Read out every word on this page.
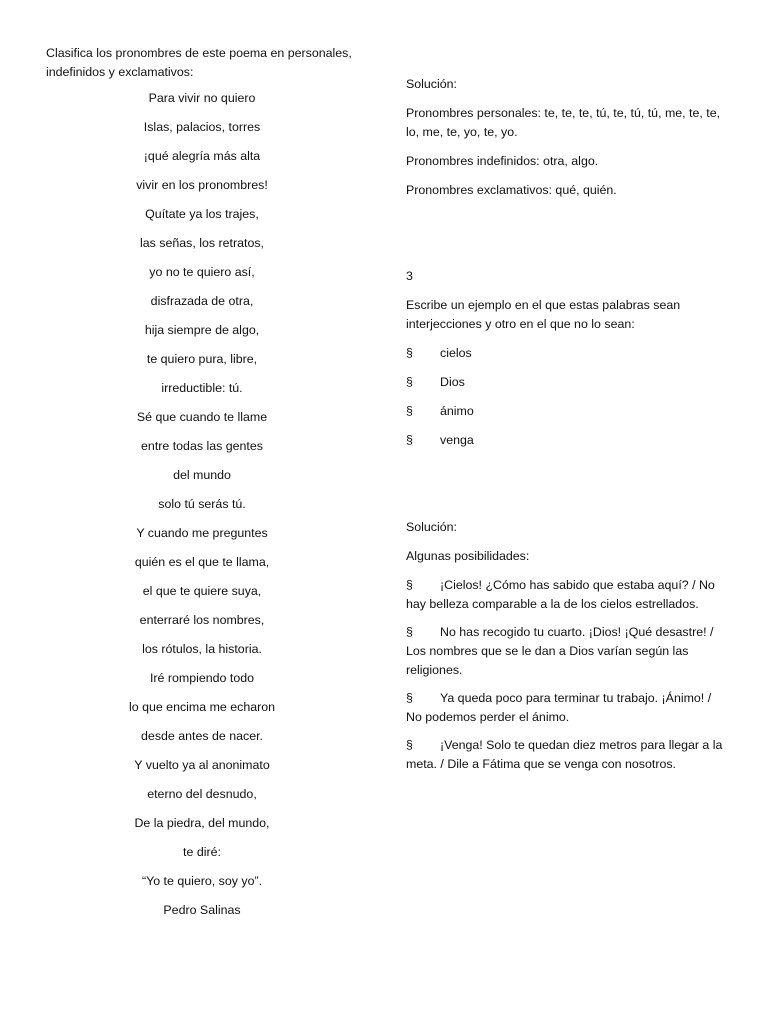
Clasifica los pronombres de este poema en personales, indefinidos y exclamativos:

Para vivir no quiero
Islas, palacios, torres
¡qué alegría más alta
vivir en los pronombres!
Quítate ya los trajes,
las señas, los retratos,
yo no te quiero así,
disfrazada de otra,
hija siempre de algo,
te quiero pura, libre,
irreductible: tú.
Sé que cuando te llame
entre todas las gentes
del mundo
solo tú serás tú.
Y cuando me preguntes
quién es el que te llama,
el que te quiere suya,
enterraré los nombres,
los rótulos, la historia.
Iré rompiendo todo
lo que encima me echaron
desde antes de nacer.
Y vuelto ya al anonimato
eterno del desnudo,
De la piedra, del mundo,
te diré:
“Yo te quiero, soy yo”.
Pedro Salinas

Solución:

Pronombres personales: te, te, te, tú, te, tú, tú, me, te, te, lo, me, te, yo, te, yo.

Pronombres indefinidos: otra, algo.

Pronombres exclamativos: qué, quién.

3

Escribe un ejemplo en el que estas palabras sean interjecciones y otro en el que no lo sean:

§	cielos
§	Dios
§	ánimo
§	venga

Solución:

Algunas posibilidades:

§ ¡Cielos! ¿Cómo has sabido que estaba aquí? / No hay belleza comparable a la de los cielos estrellados.
§ No has recogido tu cuarto. ¡Dios! ¡Qué desastre! / Los nombres que se le dan a Dios varían según las religiones.
§ Ya queda poco para terminar tu trabajo. ¡Ánimo! / No podemos perder el ánimo.
§ ¡Venga! Solo te quedan diez metros para llegar a la meta. / Dile a Fátima que se venga con nosotros.
